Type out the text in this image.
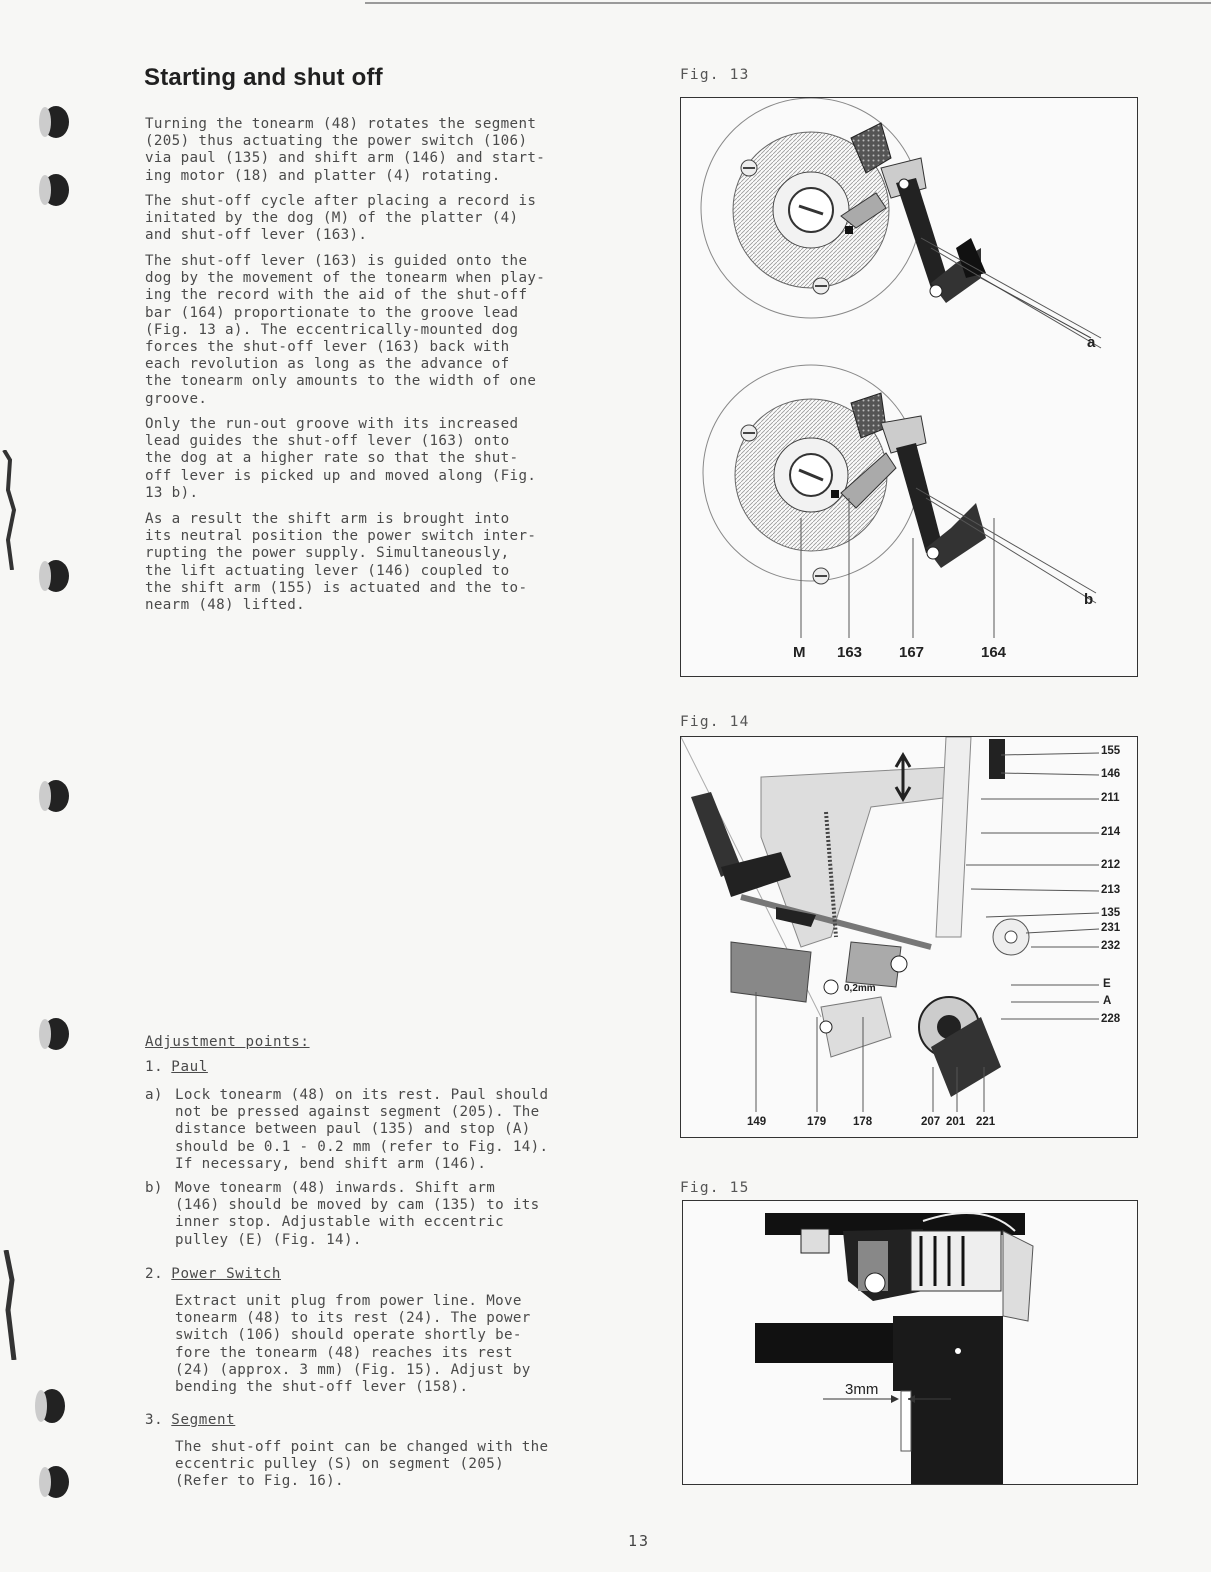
Starting and shut off

Turning the tonearm (48) rotates the segment
(205) thus actuating the power switch (106)
via paul (135) and shift arm (146) and start-
ing motor (18) and platter (4) rotating.

The shut-off cycle after placing a record is
initated by the dog (M) of the platter (4)
and shut-off lever (163).

The shut-off lever (163) is guided onto the
dog by the movement of the tonearm when play-
ing the record with the aid of the shut-off
bar (164) proportionate to the groove lead
(Fig. 13 a). The eccentrically-mounted dog
forces the shut-off lever (163) back with
each revolution as long as the advance of
the tonearm only amounts to the width of one
groove.

Only the run-out groove with its increased
lead guides the shut-off lever (163) onto
the dog at a higher rate so that the shut-
off lever is picked up and moved along (Fig.
13 b).

As a result the shift arm is brought into
its neutral position the power switch inter-
rupting the power supply. Simultaneously,
the lift actuating lever (146) coupled to
the shift arm (155) is actuated and the to-
nearm (48) lifted.

Adjustment points:

1. Paul
a) Lock tonearm (48) on its rest. Paul should
not be pressed against segment (205). The
distance between paul (135) and stop (A)
should be 0.1 - 0.2 mm (refer to Fig. 14).
If necessary, bend shift arm (146).
b) Move tonearm (48) inwards. Shift arm
(146) should be moved by cam (135) to its
inner stop. Adjustable with eccentric
pulley (E) (Fig. 14).
2. Power Switch
Extract unit plug from power line. Move
tonearm (48) to its rest (24). The power
switch (106) should operate shortly be-
fore the tonearm (48) reaches its rest
(24) (approx. 3 mm) (Fig. 15). Adjust by
bending the shut-off lever (158).
3. Segment
The shut-off point can be changed with the
eccentric pulley (S) on segment (205)
(Refer to Fig. 16).
Fig. 13
a
b
M 163 167	164
Fig. 14
0,2mm
155
146
211
214
212
213
135
231
232
E
A
228
149	179 178	207 201 221
Fig. 15
3mm
13
